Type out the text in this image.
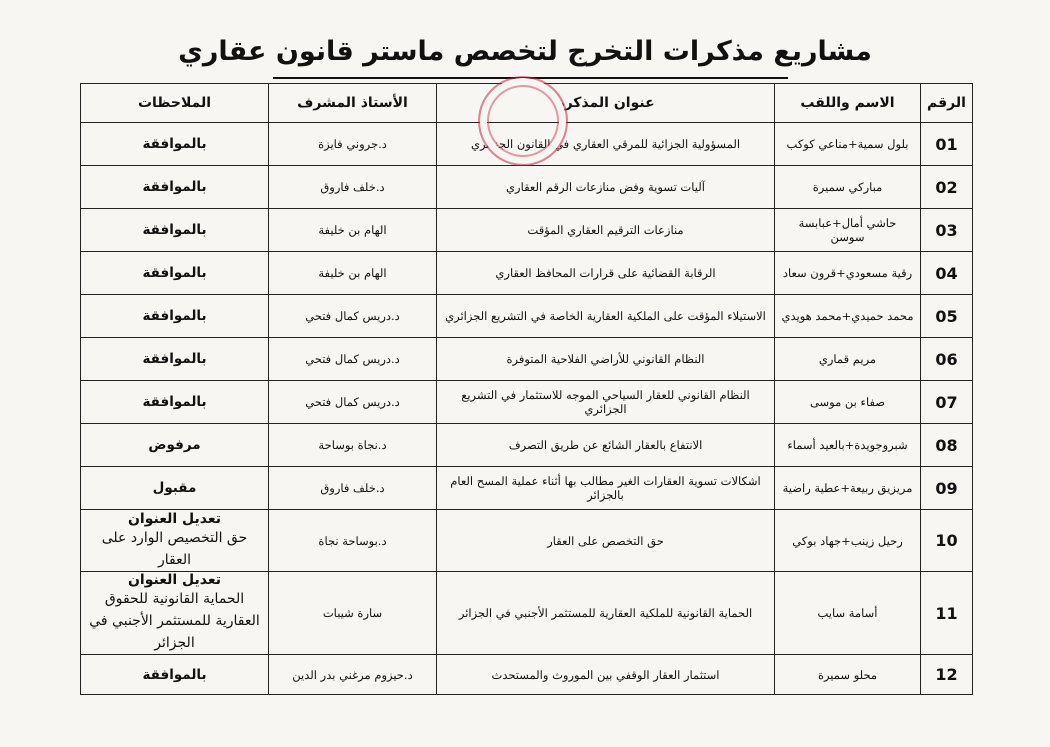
مشاريع مذكرات التخرج لتخصص ماستر قانون عقاري
الرقم	الاسم واللقب	عنوان المذكرة	الأستاذ المشرف	الملاحظات
01	بلول سمية+مناعي كوكب	المسؤولية الجزائية للمرقي العقاري في القانون الجزائري	د.جروني فايزة	بالموافقة
02	مباركي سميرة	آليات تسوية وفض منازعات الرقم العقاري	د.خلف فاروق	بالموافقة
03	حاشي أمال+عبابسة سوسن	منازعات الترقيم العقاري المؤقت	الهام بن خليفة	بالموافقة
04	رقية مسعودي+قرون سعاد	الرقابة القضائية على قرارات المحافظ العقاري	الهام بن خليفة	بالموافقة
05	محمد حميدي+محمد هويدي	الاستيلاء المؤقت على الملكية العقارية الخاصة في التشريع الجزائري	د.دريس كمال فتحي	بالموافقة
06	مريم قماري	النظام القانوني للأراضي الفلاحية المتوفرة	د.دريس كمال فتحي	بالموافقة
07	صفاء بن موسى	النظام القانوني للعقار السياحي الموجه للاستثمار في التشريع الجزائري	د.دريس كمال فتحي	بالموافقة
08	شبروجويدة+بالعيد أسماء	الانتفاع بالعقار الشائع عن طريق التصرف	د.نجاة بوساحة	مرفوض
09	مريزيق ربيعة+عطية راضية	اشكالات تسوية العقارات الغير مطالب بها أثناء عملية المسح العام بالجزائر	د.خلف فاروق	مقبول
10	رحيل زينب+جهاد بوكي	حق التخصص على العقار	د.بوساحة نجاة	تعديل العنوان
حق التخصيص الوارد على العقار

11	أسامة سايب	الحماية القانونية للملكية العقارية للمستثمر الأجنبي في الجزائر	سارة شيبات	تعديل العنوان
الحماية القانونية للحقوق العقارية للمستثمر الأجنبي في الجزائر

12	محلو سميرة	استثمار العقار الوقفي بين الموروث والمستحدث	د.حيزوم مرغني بدر الدين	بالموافقة
